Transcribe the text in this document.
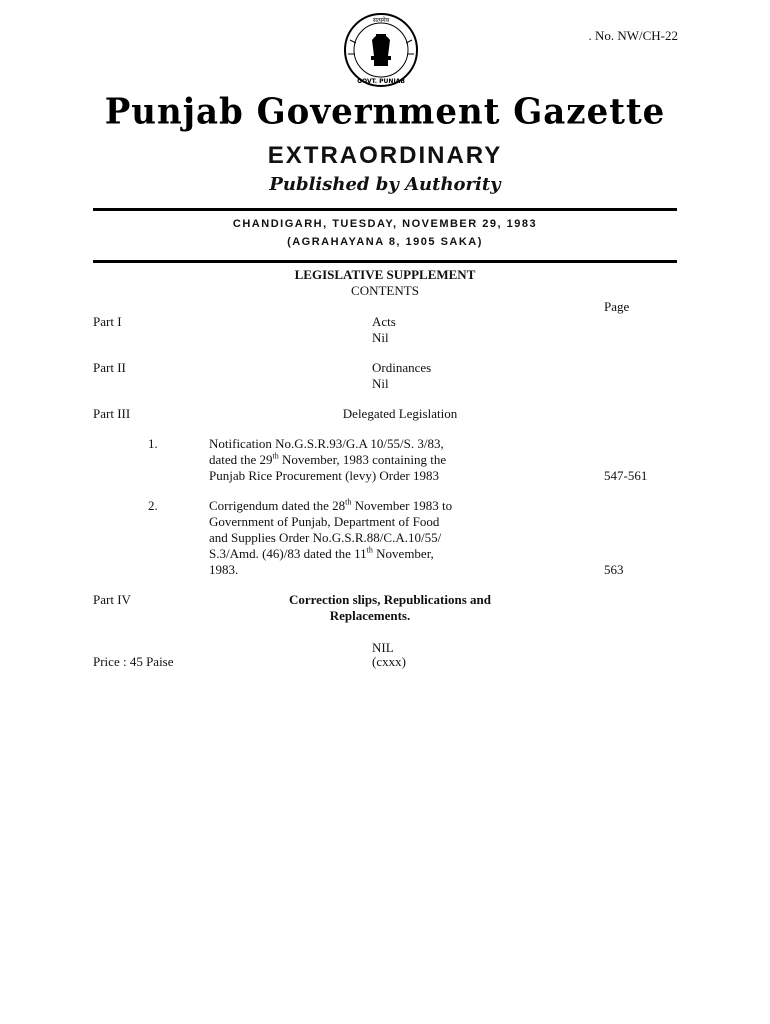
. No. NW/CH-22
सत्यमेव
GOVT. PUNJAB
Punjab Government Gazette
EXTRAORDINARY
Published by Authority
CHANDIGARH, TUESDAY, NOVEMBER 29, 1983
(AGRAHAYANA 8, 1905 SAKA)
LEGISLATIVE SUPPLEMENT
CONTENTS
Page
Part I	Acts
Nil
Part II	Ordinances
Nil
Part III	Delegated Legislation
1.	Notification No.G.S.R.93/G.A 10/55/S. 3/83,
dated the 29th November, 1983 containing the
Punjab Rice Procurement (levy) Order 1983	547-561
2.	Corrigendum dated the 28th November 1983 to
Government of Punjab, Department of Food
and Supplies Order No.G.S.R.88/C.A.10/55/
S.3/Amd. (46)/83 dated the 11th November,
1983.	563
Part IV	Correction slips, Republications and
Replacements.
NIL
Price : 45 Paise	(cxxx)
